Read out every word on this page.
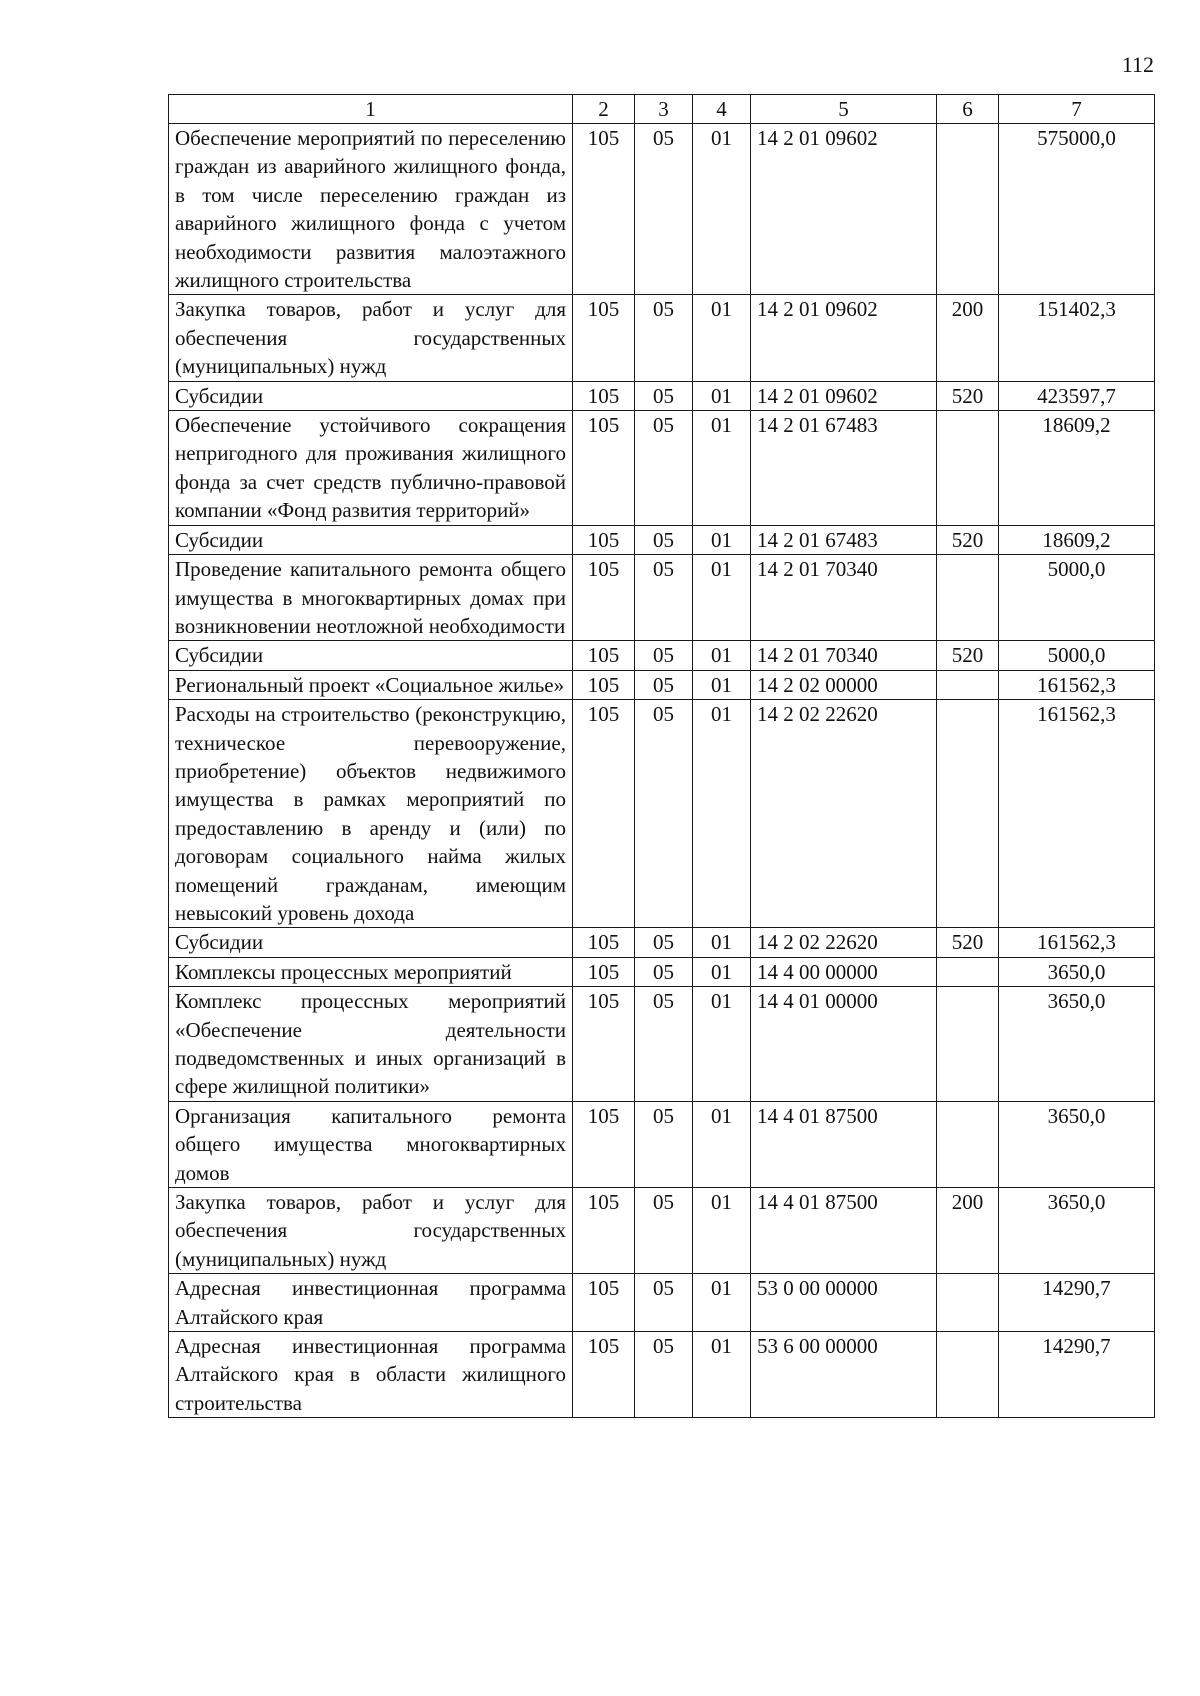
112
1	2	3	4	5	6	7
Обеспечение мероприятий по переселению граждан из аварийного жилищного фонда, в том числе переселению граждан из аварийного жилищного фонда с учетом необходимости развития малоэтажного жилищного строительства	105	05	01	14 2 01 09602		575000,0
Закупка товаров, работ и услуг для обеспечения государственных (муниципальных) нужд	105	05	01	14 2 01 09602	200	151402,3
Субсидии	105	05	01	14 2 01 09602	520	423597,7
Обеспечение устойчивого сокращения непригодного для проживания жилищного фонда за счет средств публично-правовой компании «Фонд развития территорий»	105	05	01	14 2 01 67483		18609,2
Субсидии	105	05	01	14 2 01 67483	520	18609,2
Проведение капитального ремонта общего имущества в многоквартирных домах при возникновении неотложной необходимости	105	05	01	14 2 01 70340		5000,0
Субсидии	105	05	01	14 2 01 70340	520	5000,0
Региональный проект «Социальное жилье»	105	05	01	14 2 02 00000		161562,3
Расходы на строительство (реконструкцию, техническое перевооружение, приобретение) объектов недвижимого имущества в рамках мероприятий по предоставлению в аренду и (или) по договорам социального найма жилых помещений гражданам, имеющим невысокий уровень дохода	105	05	01	14 2 02 22620		161562,3
Субсидии	105	05	01	14 2 02 22620	520	161562,3
Комплексы процессных мероприятий	105	05	01	14 4 00 00000		3650,0
Комплекс процессных мероприятий «Обеспечение деятельности подведомственных и иных организаций в сфере жилищной политики»	105	05	01	14 4 01 00000		3650,0
Организация капитального ремонта общего имущества многоквартирных домов	105	05	01	14 4 01 87500		3650,0
Закупка товаров, работ и услуг для обеспечения государственных (муниципальных) нужд	105	05	01	14 4 01 87500	200	3650,0
Адресная инвестиционная программа Алтайского края	105	05	01	53 0 00 00000		14290,7
Адресная инвестиционная программа Алтайского края в области жилищного строительства	105	05	01	53 6 00 00000		14290,7
